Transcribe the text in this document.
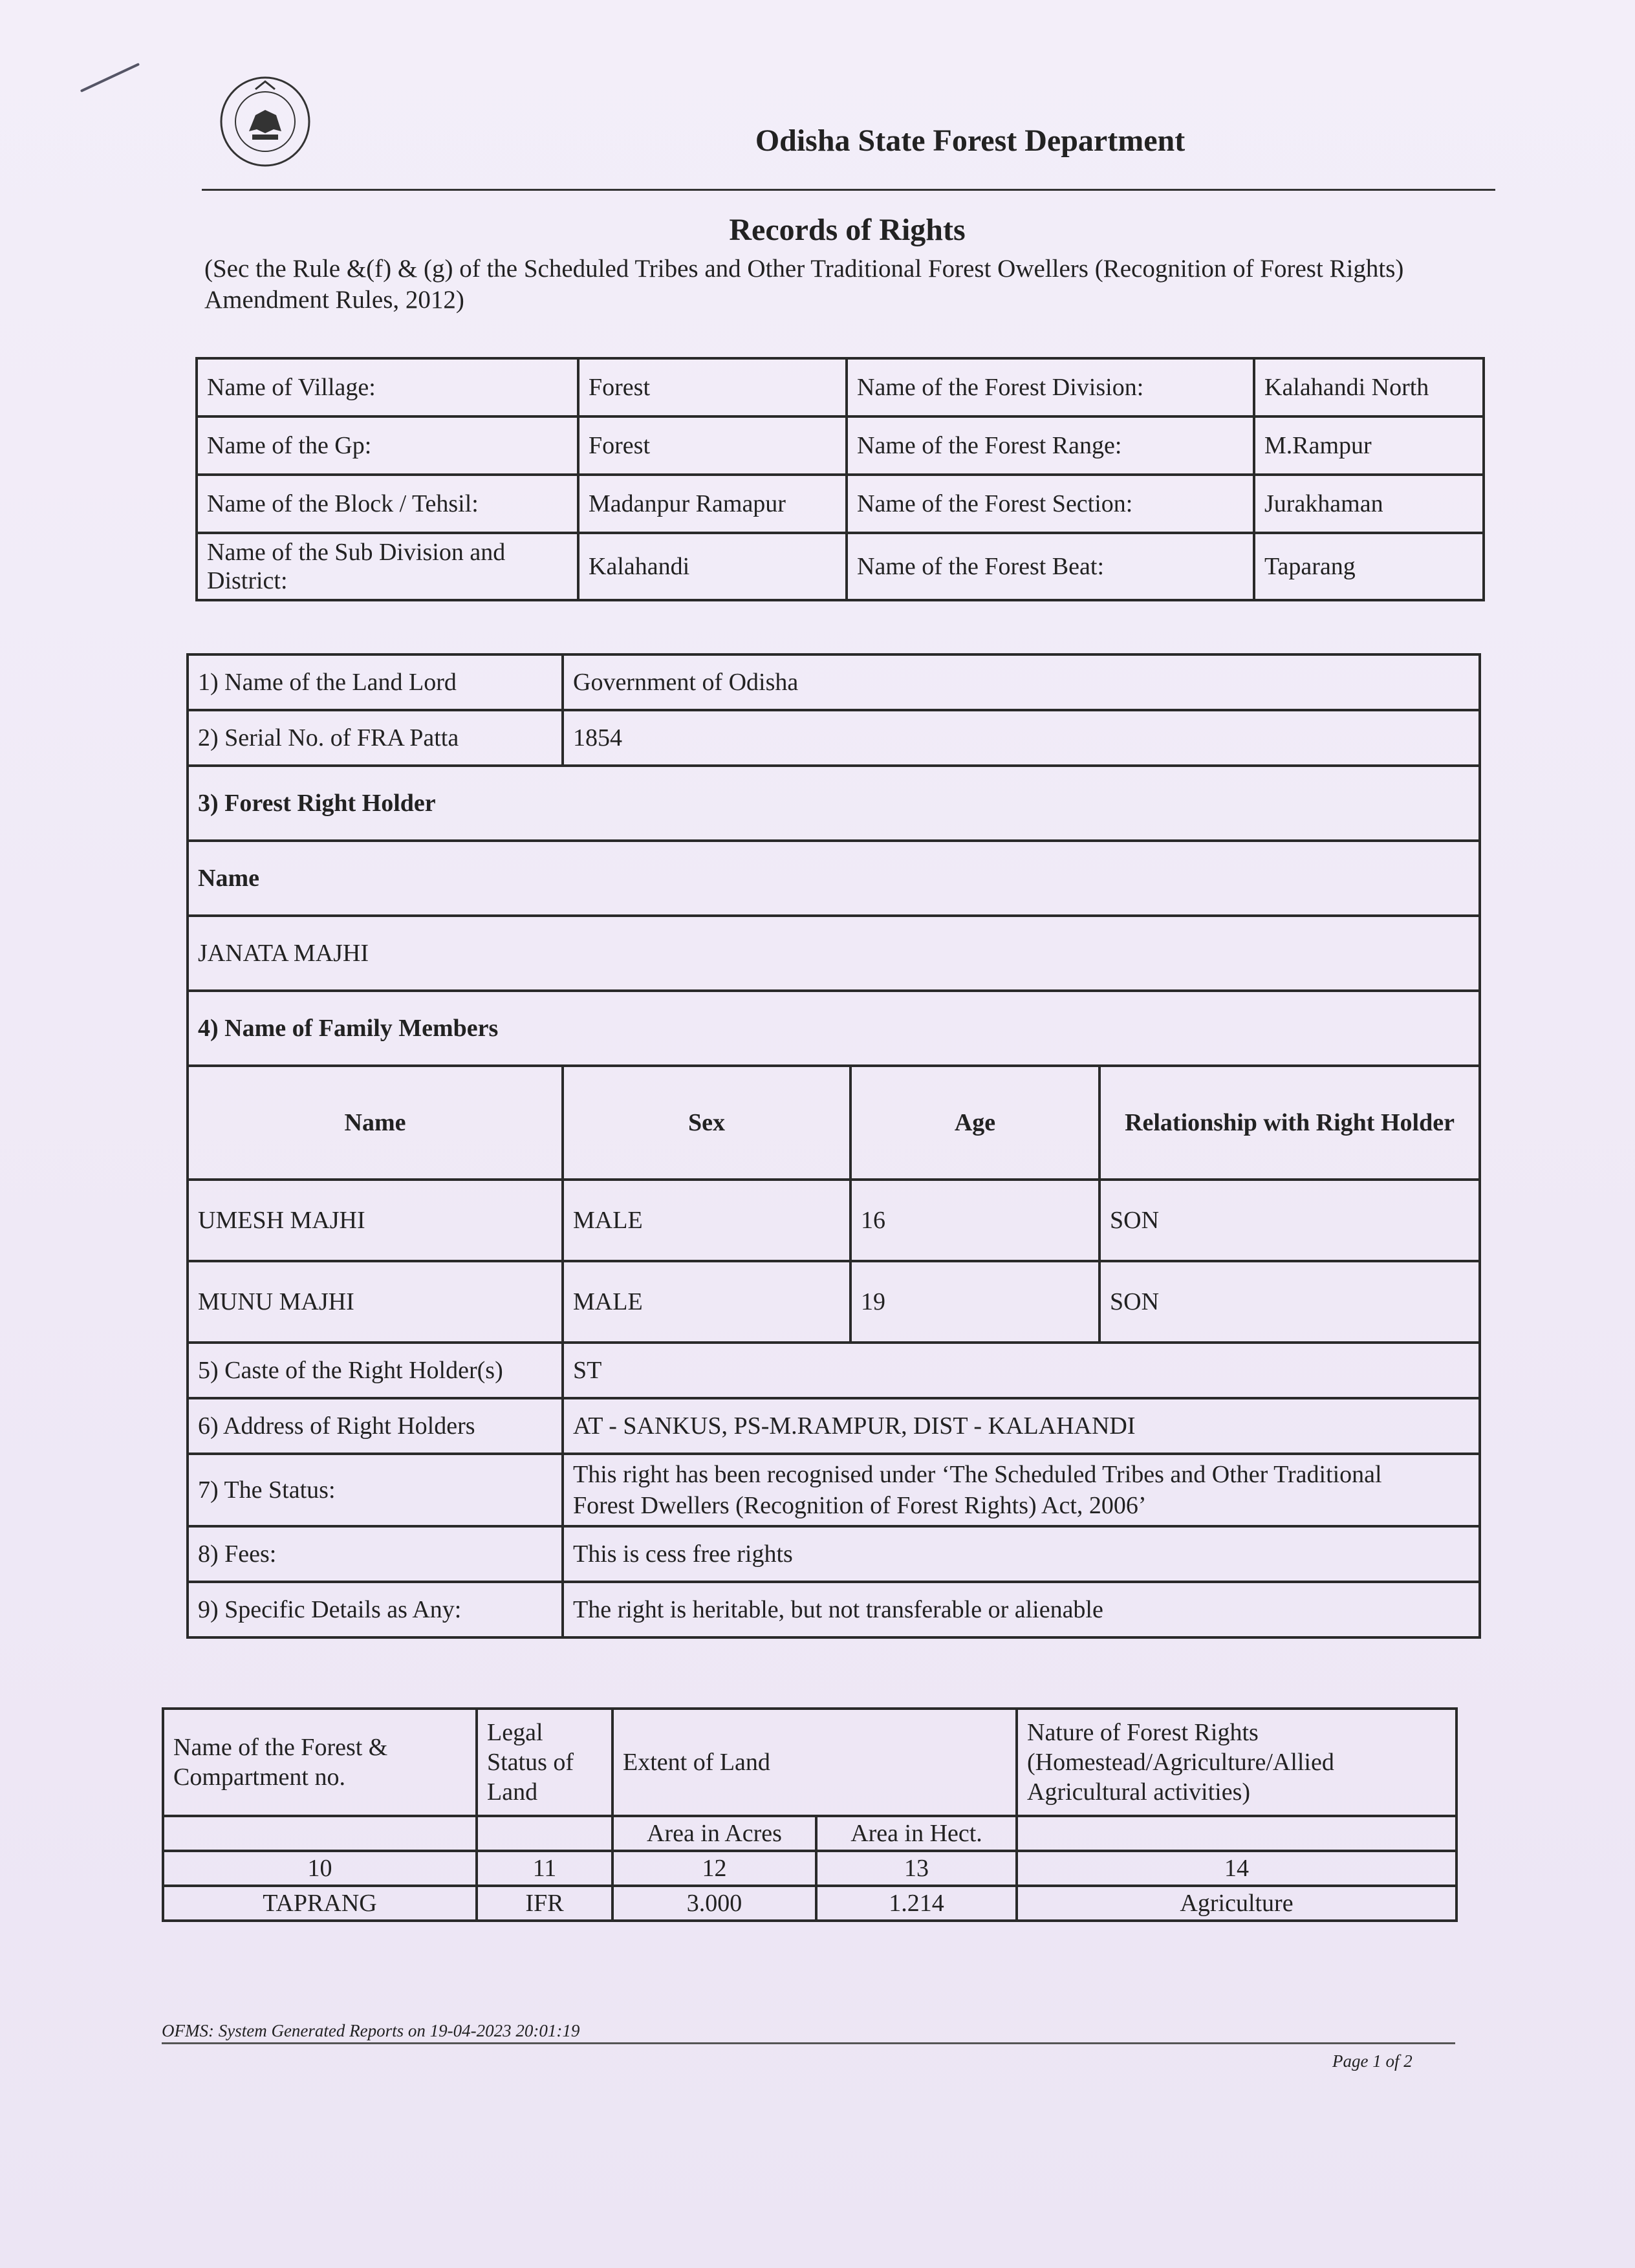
Odisha State Forest Department
Records of Rights
(Sec the Rule &(f) & (g) of the Scheduled Tribes and Other Traditional Forest Owellers (Recognition of Forest Rights) Amendment Rules, 2012)
Name of Village:	Forest	Name of the Forest Division:	Kalahandi North
Name of the Gp:	Forest	Name of the Forest Range:	M.Rampur
Name of the Block / Tehsil:	Madanpur Ramapur	Name of the Forest Section:	Jurakhaman
Name of the Sub Division and District:	Kalahandi	Name of the Forest Beat:	Taparang
1) Name of the Land Lord	Government of Odisha		
2) Serial No. of FRA Patta	1854		
3) Forest Right Holder			
Name			
JANATA MAJHI			
4) Name of Family Members			
Name	Sex	Age	Relationship with Right Holder
UMESH MAJHI	MALE	16	SON
MUNU MAJHI	MALE	19	SON
5) Caste of the Right Holder(s)	ST		
6) Address of Right Holders	AT - SANKUS, PS-M.RAMPUR, DIST - KALAHANDI		
7) The Status:	This right has been recognised under ‘The Scheduled Tribes and Other Traditional
Forest Dwellers (Recognition of Forest Rights) Act, 2006’		

8) Fees:	This is cess free rights		
9) Specific Details as Any:	The right is heritable, but not transferable or alienable		
Name of the Forest & Compartment no.	Legal Status of Land	Extent of Land		Nature of Forest Rights (Homestead/Agriculture/Allied Agricultural activities)
		Area in Acres	Area in Hect.	
10	11	12	13	14
TAPRANG	IFR	3.000	1.214	Agriculture
OFMS: System Generated Reports on 19-04-2023 20:01:19
Page 1 of 2
